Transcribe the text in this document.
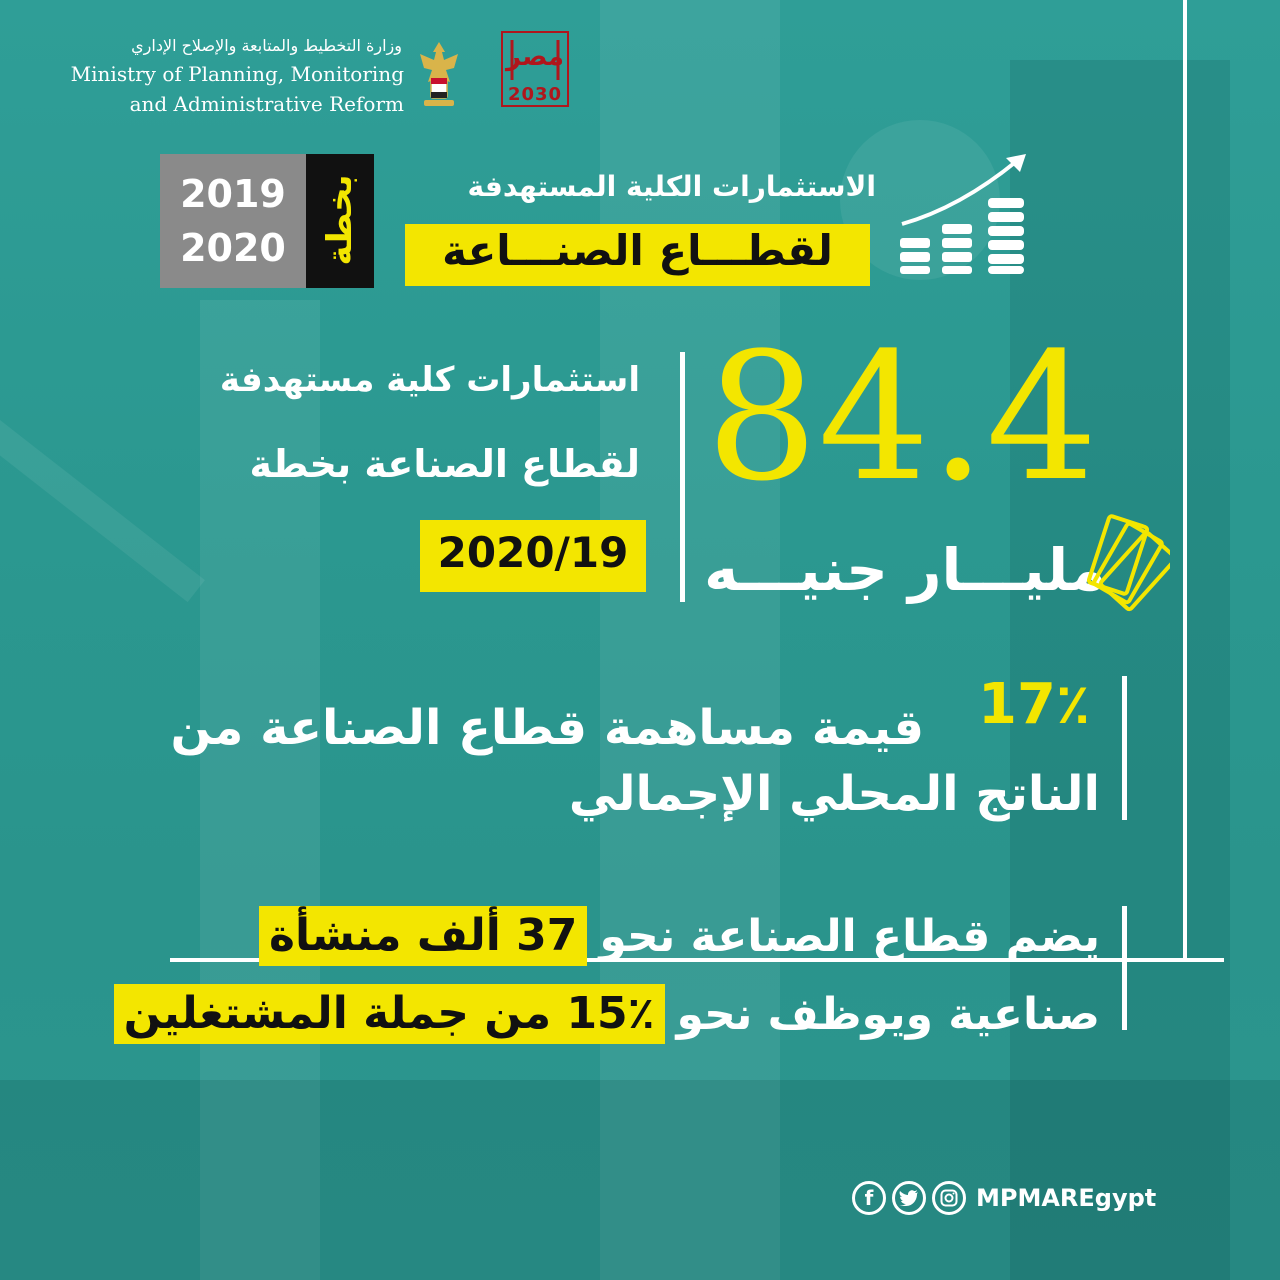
وزارة التخطيط والمتابعة والإصلاح الإداري
Ministry of Planning, Monitoring
and Administrative Reform
مصر
2030
2019
2020	بخطة	الاستثمارات الكلية المستهدفة
لقطـــاع الصنـــاعة
استثمارات كلية مستهدفة
لقطاع الصناعة بخطة
2020/19
84.4
مليـــار جنيـــه
17٪
قيمة مساهمة قطاع الصناعة من
الناتج المحلي الإجمالي
يضم قطاع الصناعة نحو
37 ألف منشأة
صناعية ويوظف نحو
15٪ من جملة المشتغلين
f	MPMAREgypt
